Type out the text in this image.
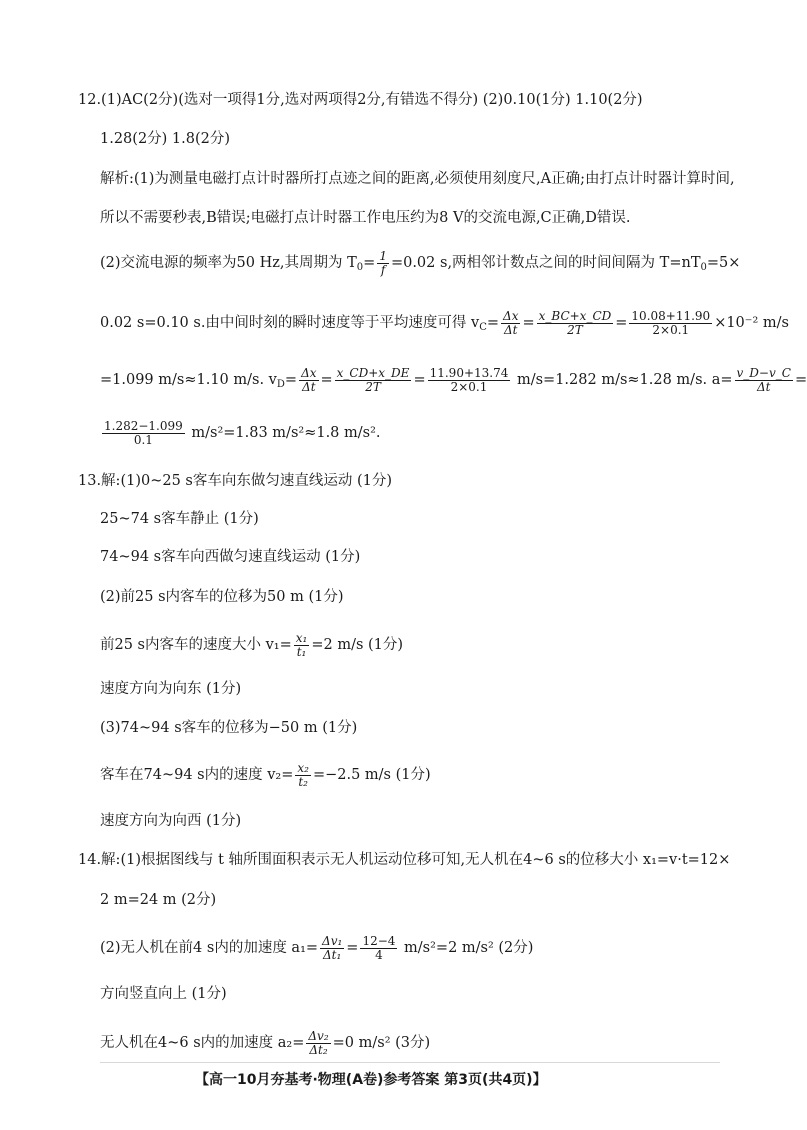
12.(1)AC(2分)(选对一项得1分,选对两项得2分,有错选不得分) (2)0.10(1分) 1.10(2分)
1.28(2分) 1.8(2分)
解析:(1)为测量电磁打点计时器所打点迹之间的距离,必须使用刻度尺,A正确;由打点计时器计算时间,
所以不需要秒表,B错误;电磁打点计时器工作电压约为8 V的交流电源,C正确,D错误.
(2)交流电源的频率为50 Hz,其周期为 $T_0= \frac{1}{f} =0.02$ s,两相邻计数点之间的时间间隔为 $T=nT_0=5\times$
0.02 s=0.10 s.由中间时刻的瞬时速度等于平均速度可得 $v_C= \frac{\Delta x}{\Delta t} = \frac{x\_BC+x\_CD}{2T} = \frac{10.08+11.90}{2\times 0.1} \times 10^{-2}$ m/s
=1.099 m/s≈1.10 m/s. $v_D= \frac{\Delta x}{\Delta t} = \frac{x\_CD+x\_DE}{2T} = \frac{11.90+13.74}{2\times 0.1} m/s=1.282$ m/s≈1.28 m/s. $a= \frac{v\_D-v\_C}{\Delta t}$ =
$\frac{1.282-1.099}{0.1} m/s^2=1.83$ m/s²≈1.8 m/s².
13.解:(1)0~25 s客车向东做匀速直线运动 (1分)
25~74 s客车静止 (1分)
74~94 s客车向西做匀速直线运动 (1分)
(2)前25 s内客车的位移为50 m (1分)
前25 s内客车的速度大小 $v_1= \frac{\text{x₁}}{\text{t₁}} =2$ m/s (1分)
速度方向为向东 (1分)
(3)74~94 s客车的位移为−50 m (1分)
客车在74~94 s内的速度 $v_2= \frac{\text{x₂}}{\text{t₂}} =-2.5$ m/s (1分)
速度方向为向西 (1分)
14.解:(1)根据图线与 t 轴所围面积表示无人机运动位移可知,无人机在4~6 s的位移大小 x₁=v·t=12×
2 m=24 m (2分)
(2)无人机在前4 s内的加速度 $a_1= \frac{\text{Δv₁}}{\text{Δt₁}} = \frac{12-4}{4} m/s^2=2$ m/s² (2分)
方向竖直向上 (1分)
无人机在4~6 s内的加速度 $a_2= \frac{\text{Δv₂}}{\text{Δt₂}} =0$ m/s² (3分)
【高一10月夯基考·物理(A卷)参考答案 第3页(共4页)】
